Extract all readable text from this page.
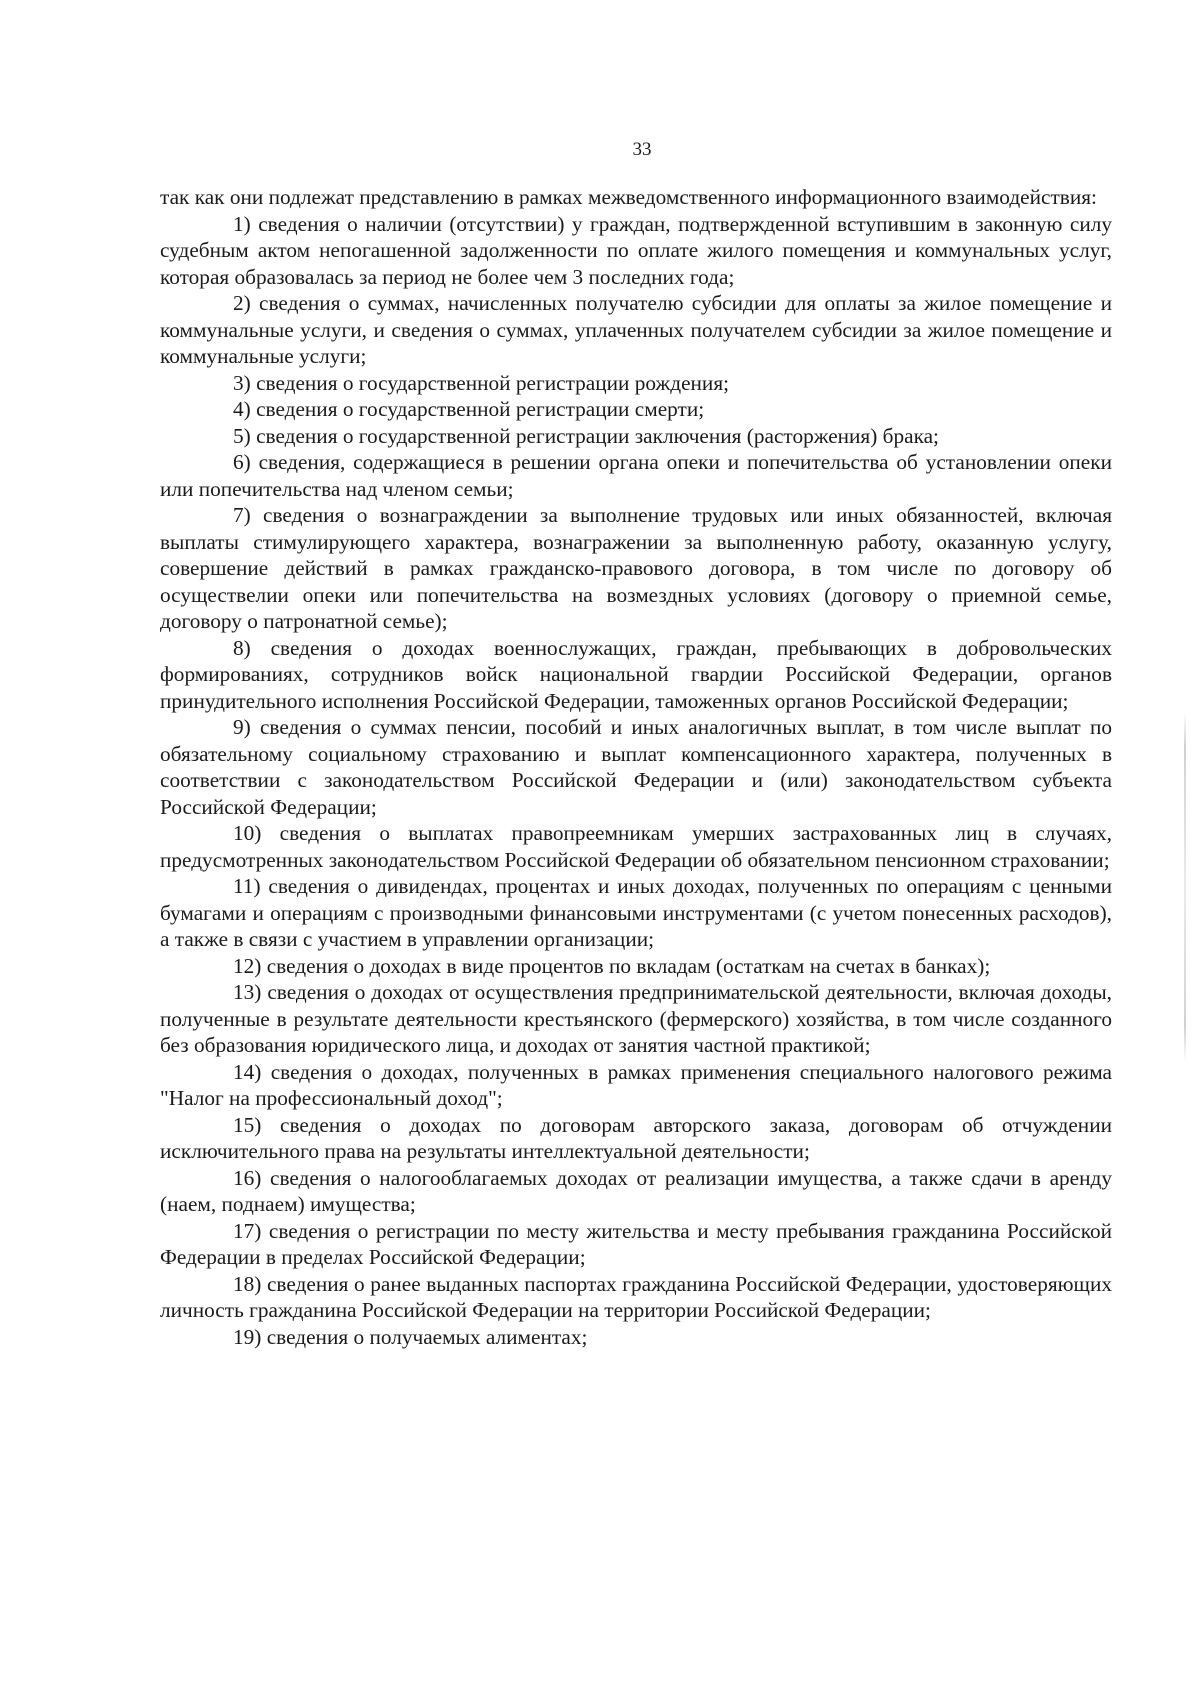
33

так как они подлежат представлению в рамках межведомственного информационного взаимодействия:

1) сведения о наличии (отсутствии) у граждан, подтвержденной вступившим в законную силу судебным актом непогашенной задолженности по оплате жилого помещения и коммунальных услуг, которая образовалась за период не более чем 3 последних года;

2) сведения о суммах, начисленных получателю субсидии для оплаты за жилое помещение и коммунальные услуги, и сведения о суммах, уплаченных получателем субсидии за жилое помещение и коммунальные услуги;

3) сведения о государственной регистрации рождения;

4) сведения о государственной регистрации смерти;

5) сведения о государственной регистрации заключения (расторжения) брака;

6) сведения, содержащиеся в решении органа опеки и попечительства об установлении опеки или попечительства над членом семьи;

7) сведения о вознаграждении за выполнение трудовых или иных обязанностей, включая выплаты стимулирующего характера, вознагражении за выполненную работу, оказанную услугу, совершение действий в рамках гражданско-правового договора, в том числе по договору об осуществелии опеки или попечительства на возмездных условиях (договору о приемной семье, договору о патронатной семье);

8) сведения о доходах военнослужащих, граждан, пребывающих в добровольческих формированиях, сотрудников войск национальной гвардии Российской Федерации, органов принудительного исполнения Российской Федерации, таможенных органов Российской Федерации;

9) сведения о суммах пенсии, пособий и иных аналогичных выплат, в том числе выплат по обязательному социальному страхованию и выплат компенсационного характера, полученных в соответствии с законодательством Российской Федерации и (или) законодательством субъекта Российской Федерации;

10) сведения о выплатах правопреемникам умерших застрахованных лиц в случаях, предусмотренных законодательством Российской Федерации об обязательном пенсионном страховании;

11) сведения о дивидендах, процентах и иных доходах, полученных по операциям с ценными бумагами и операциям с производными финансовыми инструментами (с учетом понесенных расходов), а также в связи с участием в управлении организации;

12) сведения о доходах в виде процентов по вкладам (остаткам на счетах в банках);

13) сведения о доходах от осуществления предпринимательской деятельности, включая доходы, полученные в результате деятельности крестьянского (фермерского) хозяйства, в том числе созданного без образования юридического лица, и доходах от занятия частной практикой;

14) сведения о доходах, полученных в рамках применения специального налогового режима "Налог на профессиональный доход";

15) сведения о доходах по договорам авторского заказа, договорам об отчуждении исключительного права на результаты интеллектуальной деятельности;

16) сведения о налогооблагаемых доходах от реализации имущества, а также сдачи в аренду (наем, поднаем) имущества;

17) сведения о регистрации по месту жительства и месту пребывания гражданина Российской Федерации в пределах Российской Федерации;

18) сведения о ранее выданных паспортах гражданина Российской Федерации, удостоверяющих личность гражданина Российской Федерации на территории Российской Федерации;

19) сведения о получаемых алиментах;
